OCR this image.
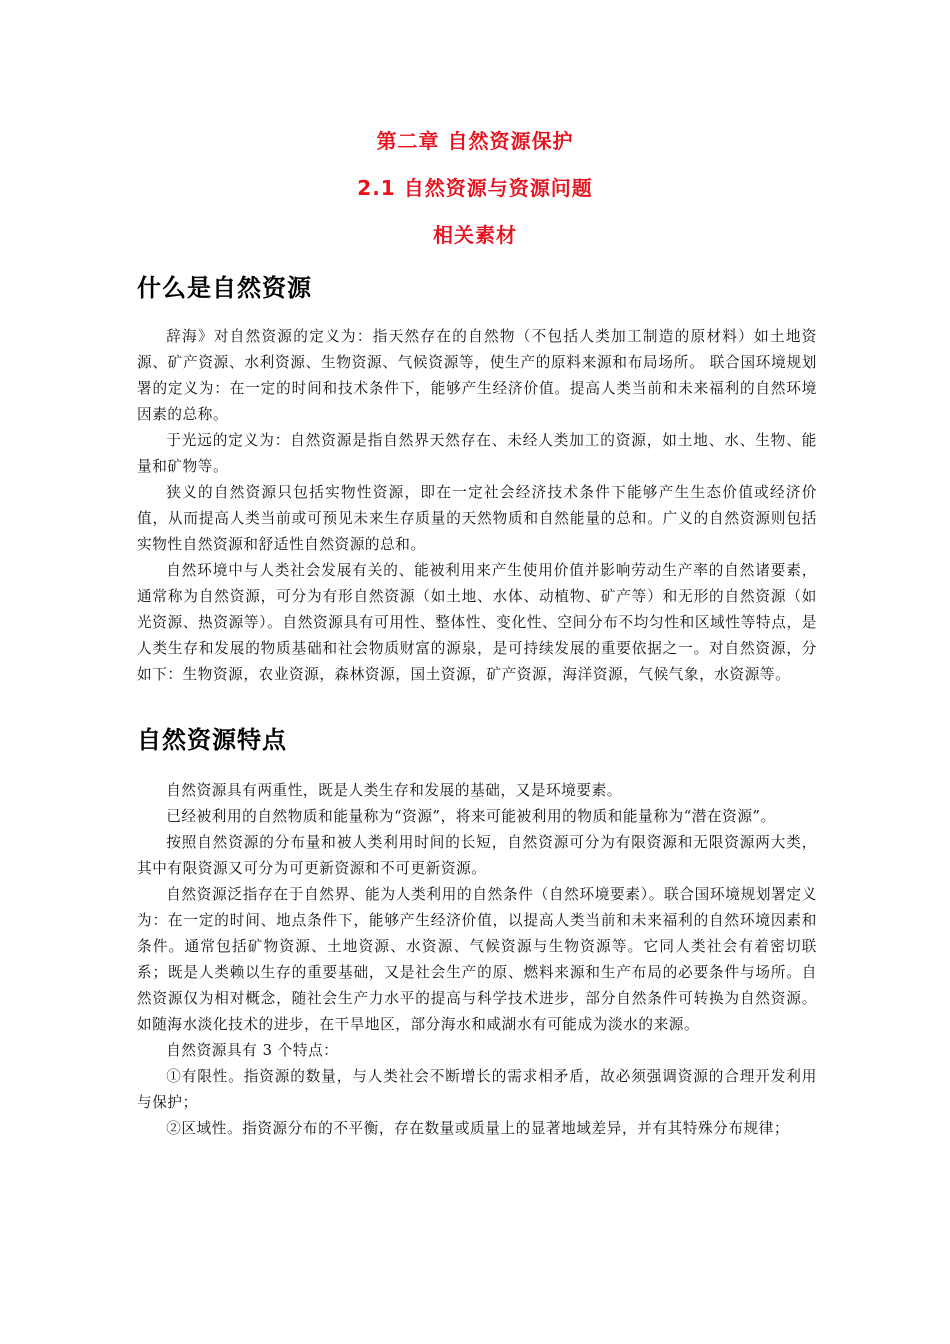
第二章 自然资源保护
2.1 自然资源与资源问题
相关素材
什么是自然资源

辞海》对自然资源的定义为：指天然存在的自然物（不包括人类加工制造的原材料）如土地资源、矿产资源、水利资源、生物资源、气候资源等，使生产的原料来源和布局场所。 联合国环境规划署的定义为：在一定的时间和技术条件下，能够产生经济价值。提高人类当前和未来福利的自然环境因素的总称。

于光远的定义为：自然资源是指自然界天然存在、未经人类加工的资源，如土地、水、生物、能量和矿物等。

狭义的自然资源只包括实物性资源，即在一定社会经济技术条件下能够产生生态价值或经济价值，从而提高人类当前或可预见未来生存质量的天然物质和自然能量的总和。广义的自然资源则包括实物性自然资源和舒适性自然资源的总和。

自然环境中与人类社会发展有关的、能被利用来产生使用价值并影响劳动生产率的自然诸要素，通常称为自然资源，可分为有形自然资源（如土地、水体、动植物、矿产等）和无形的自然资源（如光资源、热资源等）。自然资源具有可用性、整体性、变化性、空间分布不均匀性和区域性等特点，是人类生存和发展的物质基础和社会物质财富的源泉，是可持续发展的重要依据之一。对自然资源，分如下：生物资源，农业资源，森林资源，国土资源，矿产资源，海洋资源，气候气象，水资源等。

自然资源特点

自然资源具有两重性，既是人类生存和发展的基础，又是环境要素。

已经被利用的自然物质和能量称为“资源”，将来可能被利用的物质和能量称为“潜在资源”。

按照自然资源的分布量和被人类利用时间的长短，自然资源可分为有限资源和无限资源两大类，其中有限资源又可分为可更新资源和不可更新资源。

自然资源泛指存在于自然界、能为人类利用的自然条件（自然环境要素）。联合国环境规划署定义为：在一定的时间、地点条件下，能够产生经济价值，以提高人类当前和未来福利的自然环境因素和条件。通常包括矿物资源、土地资源、水资源、气候资源与生物资源等。它同人类社会有着密切联系；既是人类赖以生存的重要基础，又是社会生产的原、燃料来源和生产布局的必要条件与场所。自然资源仅为相对概念，随社会生产力水平的提高与科学技术进步，部分自然条件可转换为自然资源。如随海水淡化技术的进步，在干旱地区，部分海水和咸湖水有可能成为淡水的来源。

自然资源具有 3 个特点：

①有限性。指资源的数量，与人类社会不断增长的需求相矛盾，故必须强调资源的合理开发利用与保护；

②区域性。指资源分布的不平衡，存在数量或质量上的显著地域差异，并有其特殊分布规律；
